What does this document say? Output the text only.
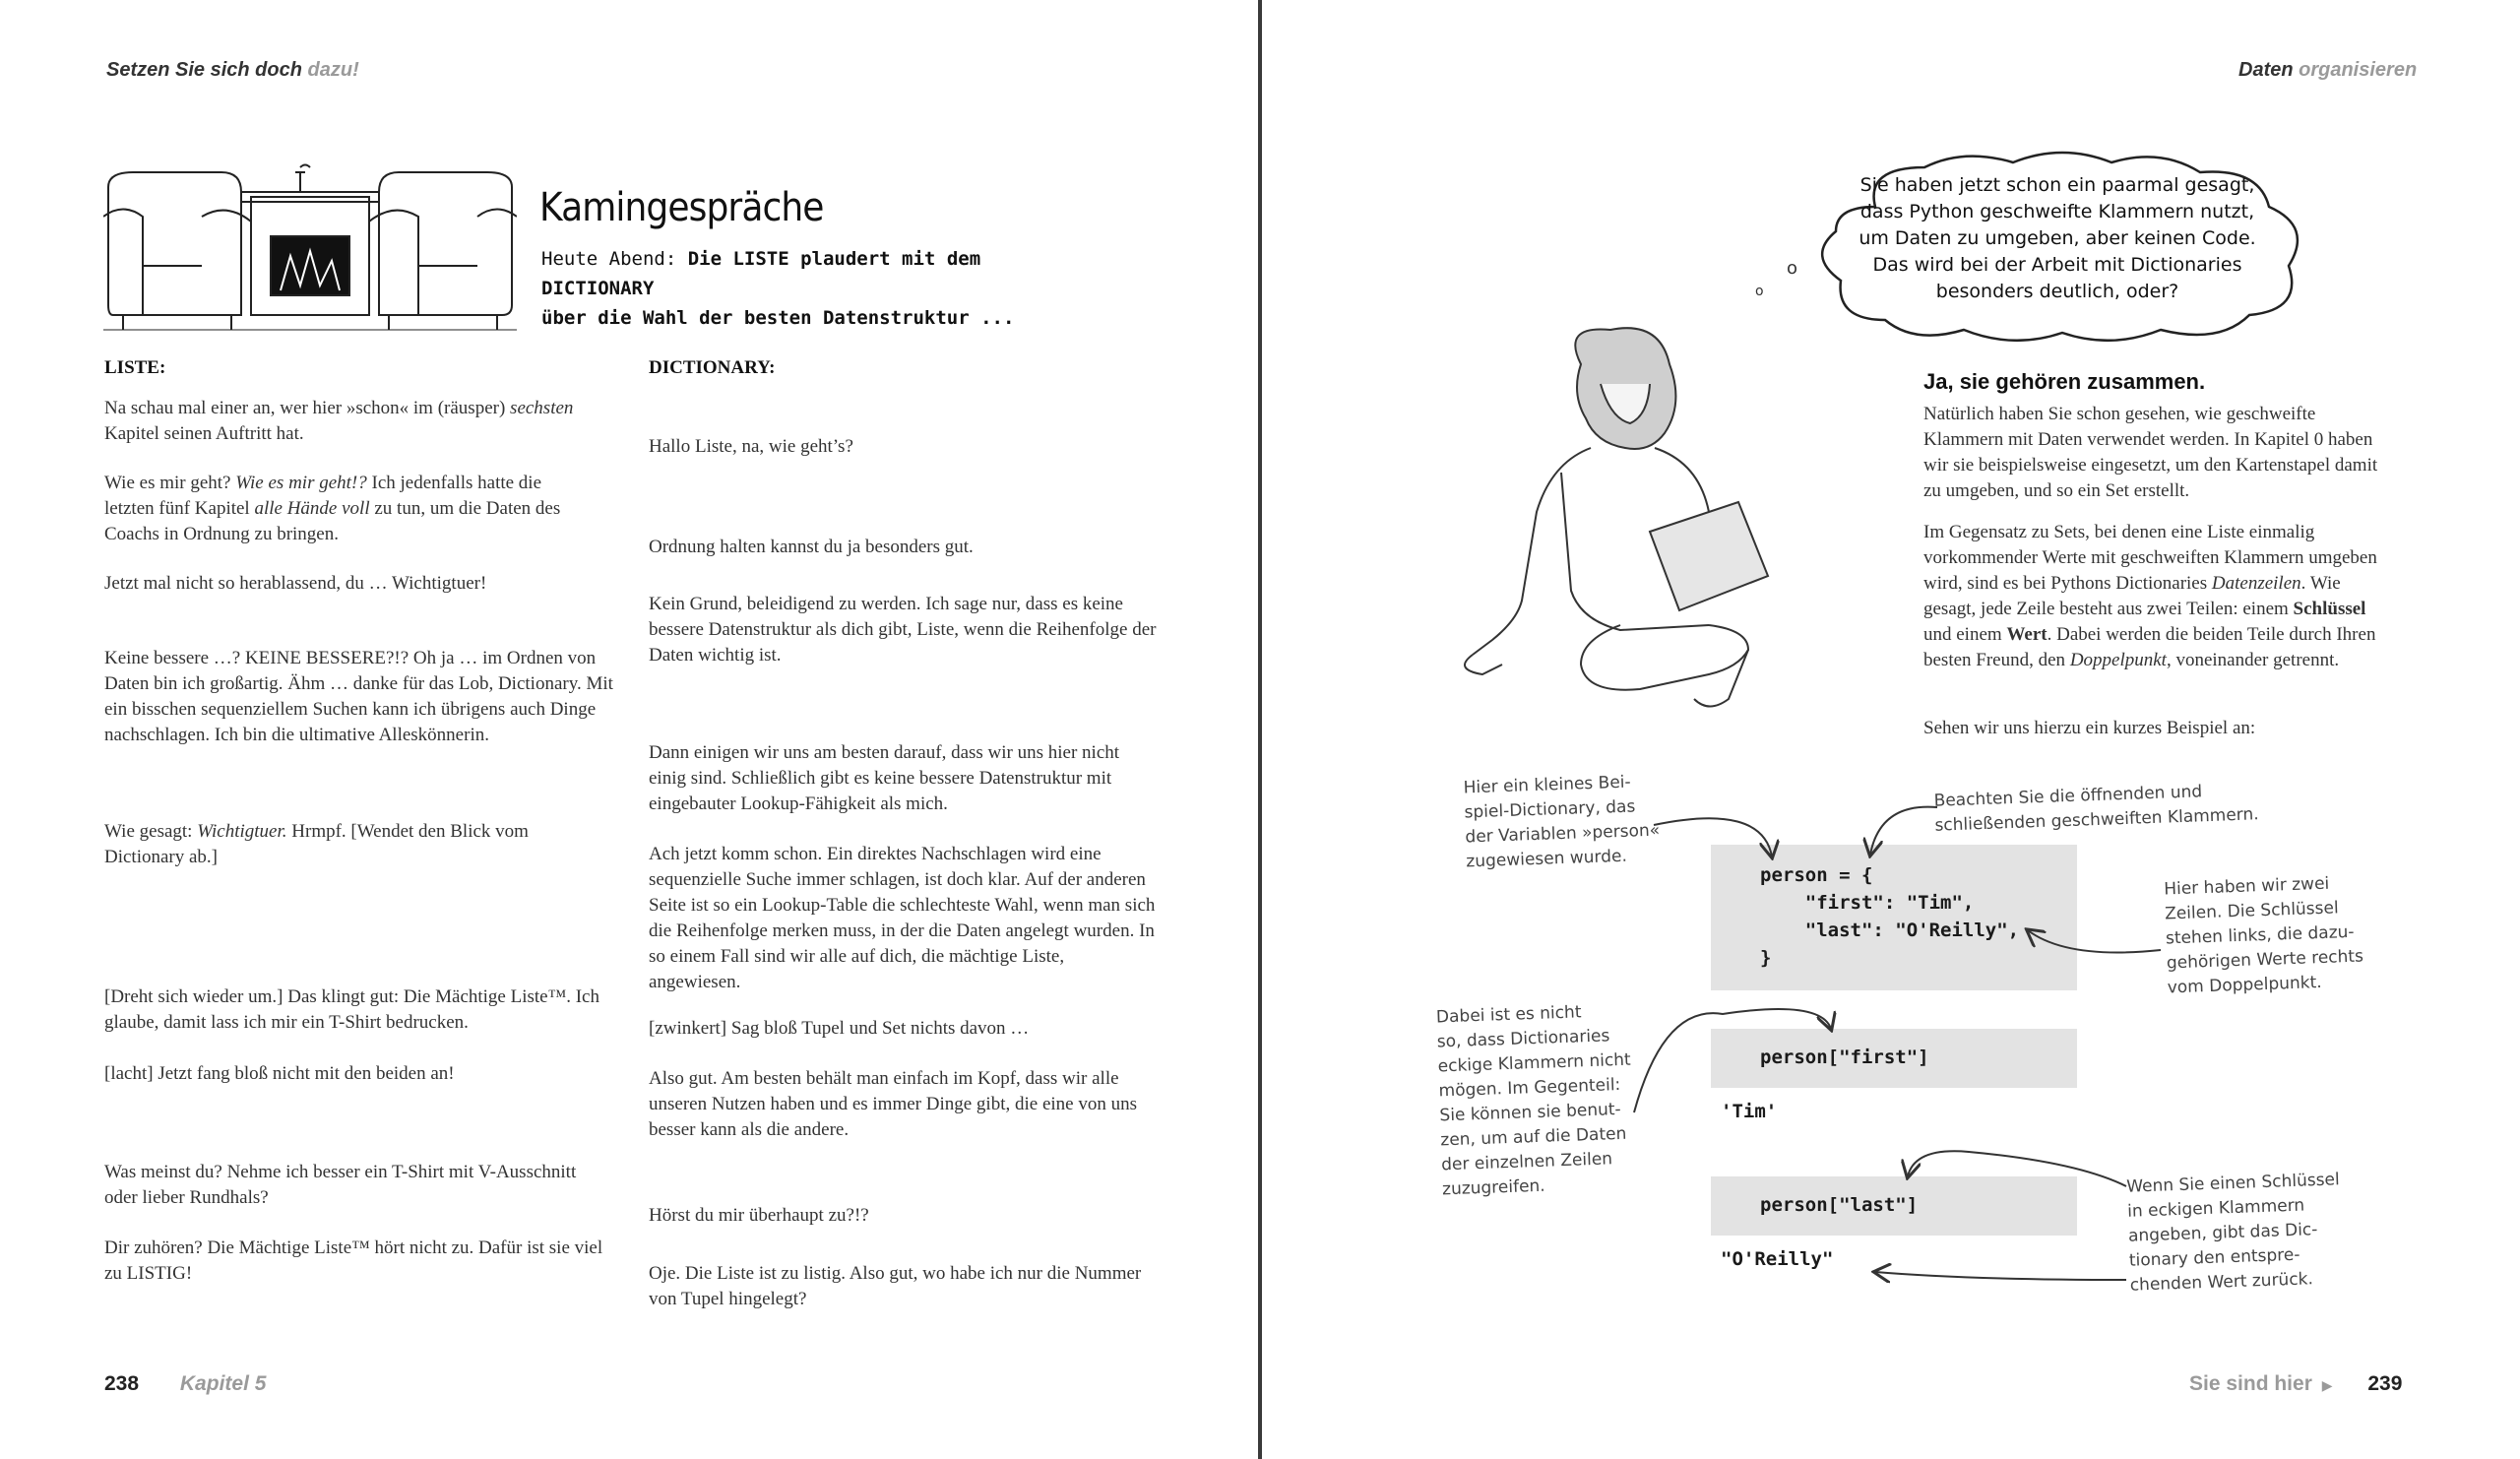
Setzen Sie sich doch dazu!
Kamingespräche
Heute Abend: Die LISTE plaudert mit dem DICTIONARY
über die Wahl der besten Datenstruktur ...
LISTE:	DICTIONARY:

Na schau mal einer an, wer hier »schon« im (räusper) sechsten Kapitel seinen Auftritt hat.

Wie es mir geht? Wie es mir geht!? Ich jedenfalls hatte die letzten fünf Kapitel alle Hände voll zu tun, um die Daten des Coachs in Ordnung zu bringen.

Jetzt mal nicht so herablassend, du … Wichtigtuer!

Keine bessere …? KEINE BESSERE?!? Oh ja … im Ordnen von Daten bin ich großartig. Ähm … danke für das Lob, Dictionary. Mit ein bisschen sequenziellem Suchen kann ich übrigens auch Dinge nachschlagen. Ich bin die ultimative Alleskönnerin.

Wie gesagt: Wichtigtuer. Hrmpf. [Wendet den Blick vom Dictionary ab.]

[Dreht sich wieder um.] Das klingt gut: Die Mächtige Liste™. Ich glaube, damit lass ich mir ein T-Shirt bedrucken.

[lacht] Jetzt fang bloß nicht mit den beiden an!

Was meinst du? Nehme ich besser ein T-Shirt mit V-Ausschnitt oder lieber Rundhals?

Dir zuhören? Die Mächtige Liste™ hört nicht zu. Dafür ist sie viel zu LISTIG!

Hallo Liste, na, wie geht’s?

Ordnung halten kannst du ja besonders gut.

Kein Grund, beleidigend zu werden. Ich sage nur, dass es keine bessere Datenstruktur als dich gibt, Liste, wenn die Reihenfolge der Daten wichtig ist.

Dann einigen wir uns am besten darauf, dass wir uns hier nicht einig sind. Schließlich gibt es keine bessere Datenstruktur mit eingebauter Lookup-Fähigkeit als mich.

Ach jetzt komm schon. Ein direktes Nachschlagen wird eine sequenzielle Suche immer schlagen, ist doch klar. Auf der anderen Seite ist so ein Lookup-Table die schlechteste Wahl, wenn man sich die Reihenfolge merken muss, in der die Daten angelegt wurden. In so einem Fall sind wir alle auf dich, die mächtige Liste, angewiesen.

[zwinkert] Sag bloß Tupel und Set nichts davon …

Also gut. Am besten behält man einfach im Kopf, dass wir alle unseren Nutzen haben und es immer Dinge gibt, die eine von uns besser kann als die andere.

Hörst du mir überhaupt zu?!?

Oje. Die Liste ist zu listig. Also gut, wo habe ich nur die Nummer von Tupel hingelegt?

238 Kapitel 5
Daten organisieren
Sie haben jetzt schon ein paarmal gesagt, dass Python geschweifte Klammern nutzt, um Daten zu umgeben, aber keinen Code. Das wird bei der Arbeit mit Dictionaries besonders deutlich, oder?
o
o
Ja, sie gehören zusammen.

Natürlich haben Sie schon gesehen, wie geschweifte Klammern mit Daten verwendet werden. In Kapitel 0 haben wir sie beispielsweise eingesetzt, um den Kartenstapel damit zu umgeben, und so ein Set erstellt.

Im Gegensatz zu Sets, bei denen eine Liste einmalig vorkommender Werte mit geschweiften Klammern umgeben wird, sind es bei Pythons Dictionaries Datenzeilen. Wie gesagt, jede Zeile besteht aus zwei Teilen: einem Schlüssel und einem Wert. Dabei werden die beiden Teile durch Ihren besten Freund, den Doppelpunkt, voneinander getrennt.

Sehen wir uns hierzu ein kurzes Beispiel an:

person = {
"first": "Tim",
"last": "O'Reilly",
}
person["first"]
'Tim'
person["last"]
"O'Reilly"
Hier ein kleines Bei-
spiel-Dictionary, das
der Variablen »person«
zugewiesen wurde.
Beachten Sie die öffnenden und
schließenden geschweiften Klammern.
Hier haben wir zwei
Zeilen. Die Schlüssel
stehen links, die dazu-
gehörigen Werte rechts
vom Doppelpunkt.
Dabei ist es nicht
so, dass Dictionaries
eckige Klammern nicht
mögen. Im Gegenteil:
Sie können sie benut-
zen, um auf die Daten
der einzelnen Zeilen
zuzugreifen.	Wenn Sie einen Schlüssel
in eckigen Klammern
angeben, gibt das Dic-
tionary den entspre-
chenden Wert zurück.
Sie sind hier ▶ 239
